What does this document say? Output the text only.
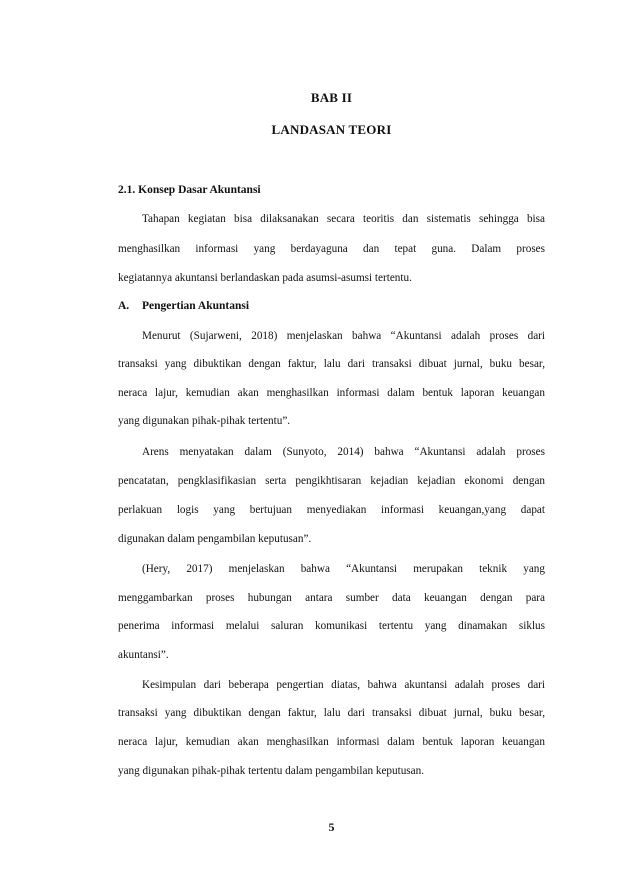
BAB II
LANDASAN TEORI
2.1. Konsep Dasar Akuntansi
Tahapan kegiatan bisa dilaksanakan secara teoritis dan sistematis sehingga bisa
menghasilkan informasi yang berdayaguna dan tepat guna. Dalam proses
kegiatannya akuntansi berlandaskan pada asumsi-asumsi tertentu.
A. Pengertian Akuntansi
Menurut (Sujarweni, 2018) menjelaskan bahwa “Akuntansi adalah proses dari
transaksi yang dibuktikan dengan faktur, lalu dari transaksi dibuat jurnal, buku besar,
neraca lajur, kemudian akan menghasilkan informasi dalam bentuk laporan keuangan
yang digunakan pihak-pihak tertentu”.
Arens menyatakan dalam (Sunyoto, 2014) bahwa “Akuntansi adalah proses
pencatatan, pengklasifikasian serta pengikhtisaran kejadian kejadian ekonomi dengan
perlakuan logis yang bertujuan menyediakan informasi keuangan,yang dapat
digunakan dalam pengambilan keputusan”.
(Hery, 2017) menjelaskan bahwa “Akuntansi merupakan teknik yang
menggambarkan proses hubungan antara sumber data keuangan dengan para
penerima informasi melalui saluran komunikasi tertentu yang dinamakan siklus
akuntansi”.
Kesimpulan dari beberapa pengertian diatas, bahwa akuntansi adalah proses dari
transaksi yang dibuktikan dengan faktur, lalu dari transaksi dibuat jurnal, buku besar,
neraca lajur, kemudian akan menghasilkan informasi dalam bentuk laporan keuangan
yang digunakan pihak-pihak tertentu dalam pengambilan keputusan.
5
